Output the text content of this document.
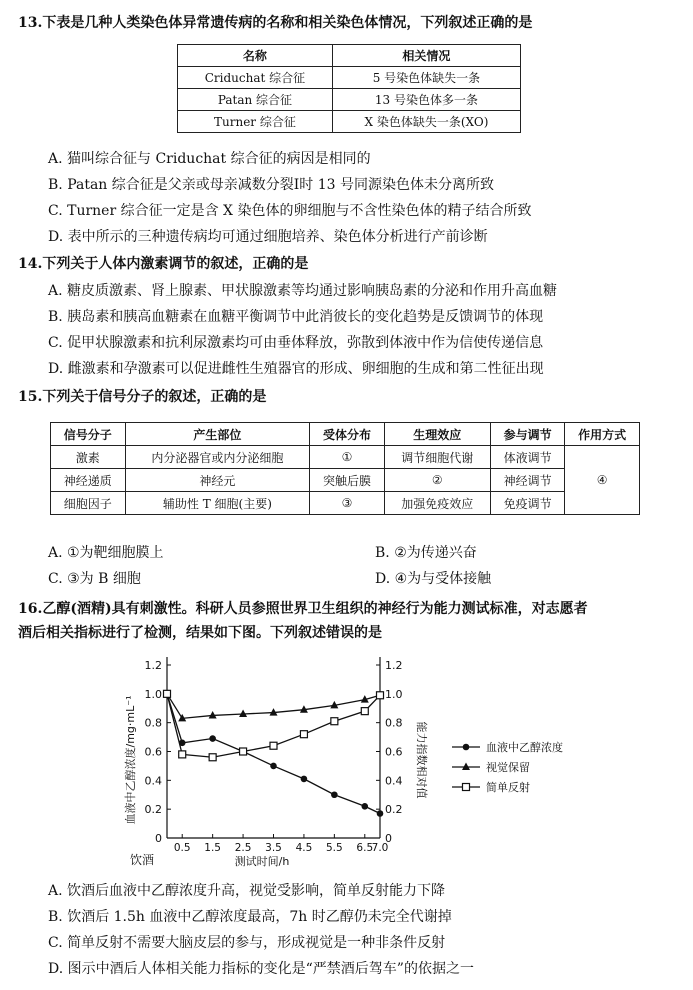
13.下表是几种人类染色体异常遗传病的名称和相关染色体情况，下列叙述正确的是
名称	相关情况
Criduchat 综合征	5 号染色体缺失一条
Patan 综合征	13 号染色体多一条
Turner 综合征	X 染色体缺失一条(XO)
A. 猫叫综合征与 Criduchat 综合征的病因是相同的
B. Patan 综合征是父亲或母亲减数分裂Ⅰ时 13 号同源染色体未分离所致
C. Turner 综合征一定是含 X 染色体的卵细胞与不含性染色体的精子结合所致
D. 表中所示的三种遗传病均可通过细胞培养、染色体分析进行产前诊断
14.下列关于人体内激素调节的叙述，正确的是
A. 糖皮质激素、肾上腺素、甲状腺激素等均通过影响胰岛素的分泌和作用升高血糖
B. 胰岛素和胰高血糖素在血糖平衡调节中此消彼长的变化趋势是反馈调节的体现
C. 促甲状腺激素和抗利尿激素均可由垂体释放，弥散到体液中作为信使传递信息
D. 雌激素和孕激素可以促进雌性生殖器官的形成、卵细胞的生成和第二性征出现
15.下列关于信号分子的叙述，正确的是
信号分子	产生部位	受体分布	生理效应	参与调节	作用方式
激素	内分泌器官或内分泌细胞	①	调节细胞代谢	体液调节	④
神经递质	神经元	突触后膜	②	神经调节	
细胞因子	辅助性 T 细胞(主要)	③	加强免疫效应	免疫调节	
A. ①为靶细胞膜上	B. ②为传递兴奋
C. ③为 B 细胞	D. ④为与受体接触
16.乙醇(酒精)具有刺激性。科研人员参照世界卫生组织的神经行为能力测试标准，对志愿者
酒后相关指标进行了检测，结果如下图。下列叙述错误的是
0	0
0.2	0.2
0.4	0.4
0.6	0.6
0.8	0.8
1.0	1.0
1.2	1.2
0.5 1.5 2.5 3.5 4.5 5.5 6.5
7.0
血液中乙醇浓度/mg·mL⁻¹	能力指数相对值
测试时间/h
饮酒
血液中乙醇浓度
视觉保留
简单反射
A. 饮酒后血液中乙醇浓度升高，视觉受影响，简单反射能力下降
B. 饮酒后 1.5h 血液中乙醇浓度最高，7h 时乙醇仍未完全代谢掉
C. 简单反射不需要大脑皮层的参与，形成视觉是一种非条件反射
D. 图示中酒后人体相关能力指标的变化是“严禁酒后驾车”的依据之一
